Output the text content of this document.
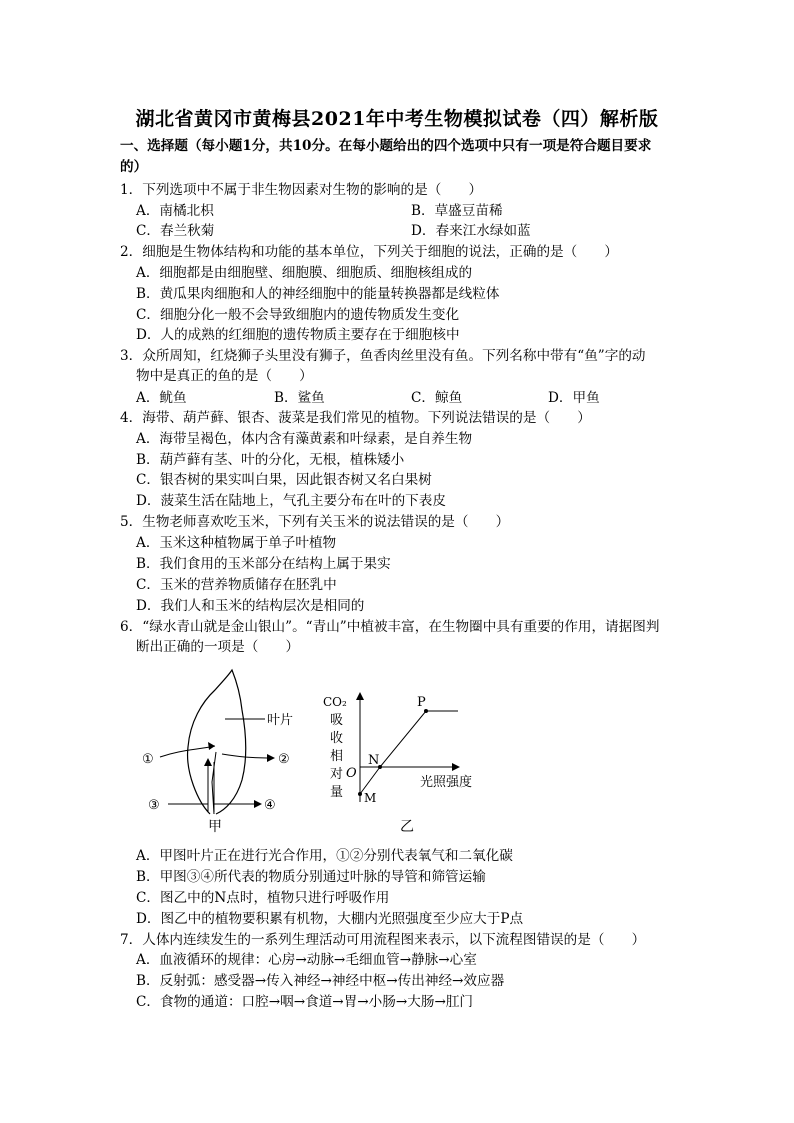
湖北省黄冈市黄梅县2021年中考生物模拟试卷（四）解析版
一、选择题（每小题1分，共10分。在每小题给出的四个选项中只有一项是符合题目要求
的）
1．下列选项中不属于非生物因素对生物的影响的是（　　）
A．南橘北枳	B．草盛豆苗稀
C．春兰秋菊	D．春来江水绿如蓝
2．细胞是生物体结构和功能的基本单位，下列关于细胞的说法，正确的是（　　）
A．细胞都是由细胞壁、细胞膜、细胞质、细胞核组成的
B．黄瓜果肉细胞和人的神经细胞中的能量转换器都是线粒体
C．细胞分化一般不会导致细胞内的遗传物质发生变化
D．人的成熟的红细胞的遗传物质主要存在于细胞核中
3．众所周知，红烧狮子头里没有狮子，鱼香肉丝里没有鱼。下列名称中带有“鱼”字的动
物中是真正的鱼的是（　　）
A．鱿鱼	B．鲨鱼	C．鲸鱼	D．甲鱼
4．海带、葫芦藓、银杏、菠菜是我们常见的植物。下列说法错误的是（　　）
A．海带呈褐色，体内含有藻黄素和叶绿素，是自养生物
B．葫芦藓有茎、叶的分化，无根，植株矮小
C．银杏树的果实叫白果，因此银杏树又名白果树
D．菠菜生活在陆地上，气孔主要分布在叶的下表皮
5．生物老师喜欢吃玉米，下列有关玉米的说法错误的是（　　）
A．玉米这种植物属于单子叶植物
B．我们食用的玉米部分在结构上属于果实
C．玉米的营养物质储存在胚乳中
D．我们人和玉米的结构层次是相同的
6．“绿水青山就是金山银山”。“青山”中植被丰富，在生物圈中具有重要的作用，请据图判
断出正确的一项是（　　）
叶片
①	②
③	④
甲
CO₂
吸
收
相
对
量
光照强度
P
N
O
M
乙
A．甲图叶片正在进行光合作用，①②分别代表氧气和二氧化碳
B．甲图③④所代表的物质分别通过叶脉的导管和筛管运输
C．图乙中的N点时，植物只进行呼吸作用
D．图乙中的植物要积累有机物，大棚内光照强度至少应大于P点
7．人体内连续发生的一系列生理活动可用流程图来表示，以下流程图错误的是（　　）
A．血液循环的规律：心房→动脉→毛细血管→静脉→心室
B．反射弧：感受器→传入神经→神经中枢→传出神经→效应器
C．食物的通道：口腔→咽→食道→胃→小肠→大肠→肛门
